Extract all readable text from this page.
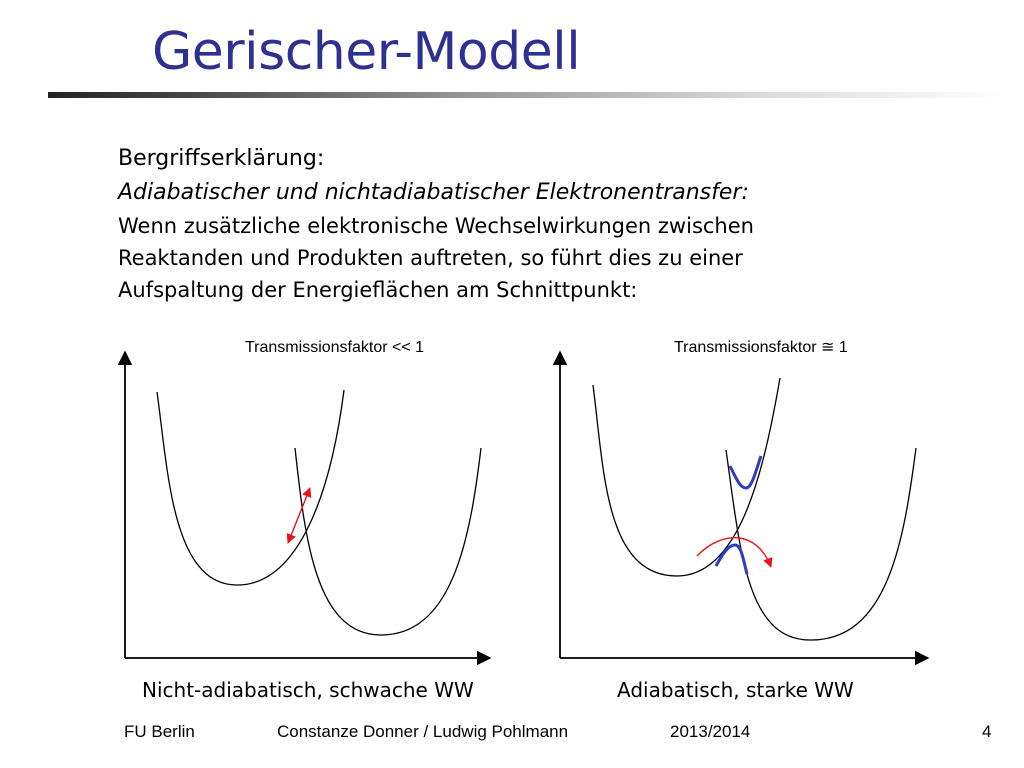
Gerischer-Modell
Bergriffserklärung:
Adiabatischer und nichtadiabatischer Elektronentransfer:
Wenn zusätzliche elektronische Wechselwirkungen zwischen
Reaktanden und Produkten auftreten, so führt dies zu einer
Aufspaltung der Energieflächen am Schnittpunkt:
Transmissionsfaktor << 1
Nicht-adiabatisch, schwache WW
Transmissionsfaktor ≅ 1
Adiabatisch, starke WW
FU Berlin	Constanze Donner / Ludwig Pohlmann	2013/2014	4
